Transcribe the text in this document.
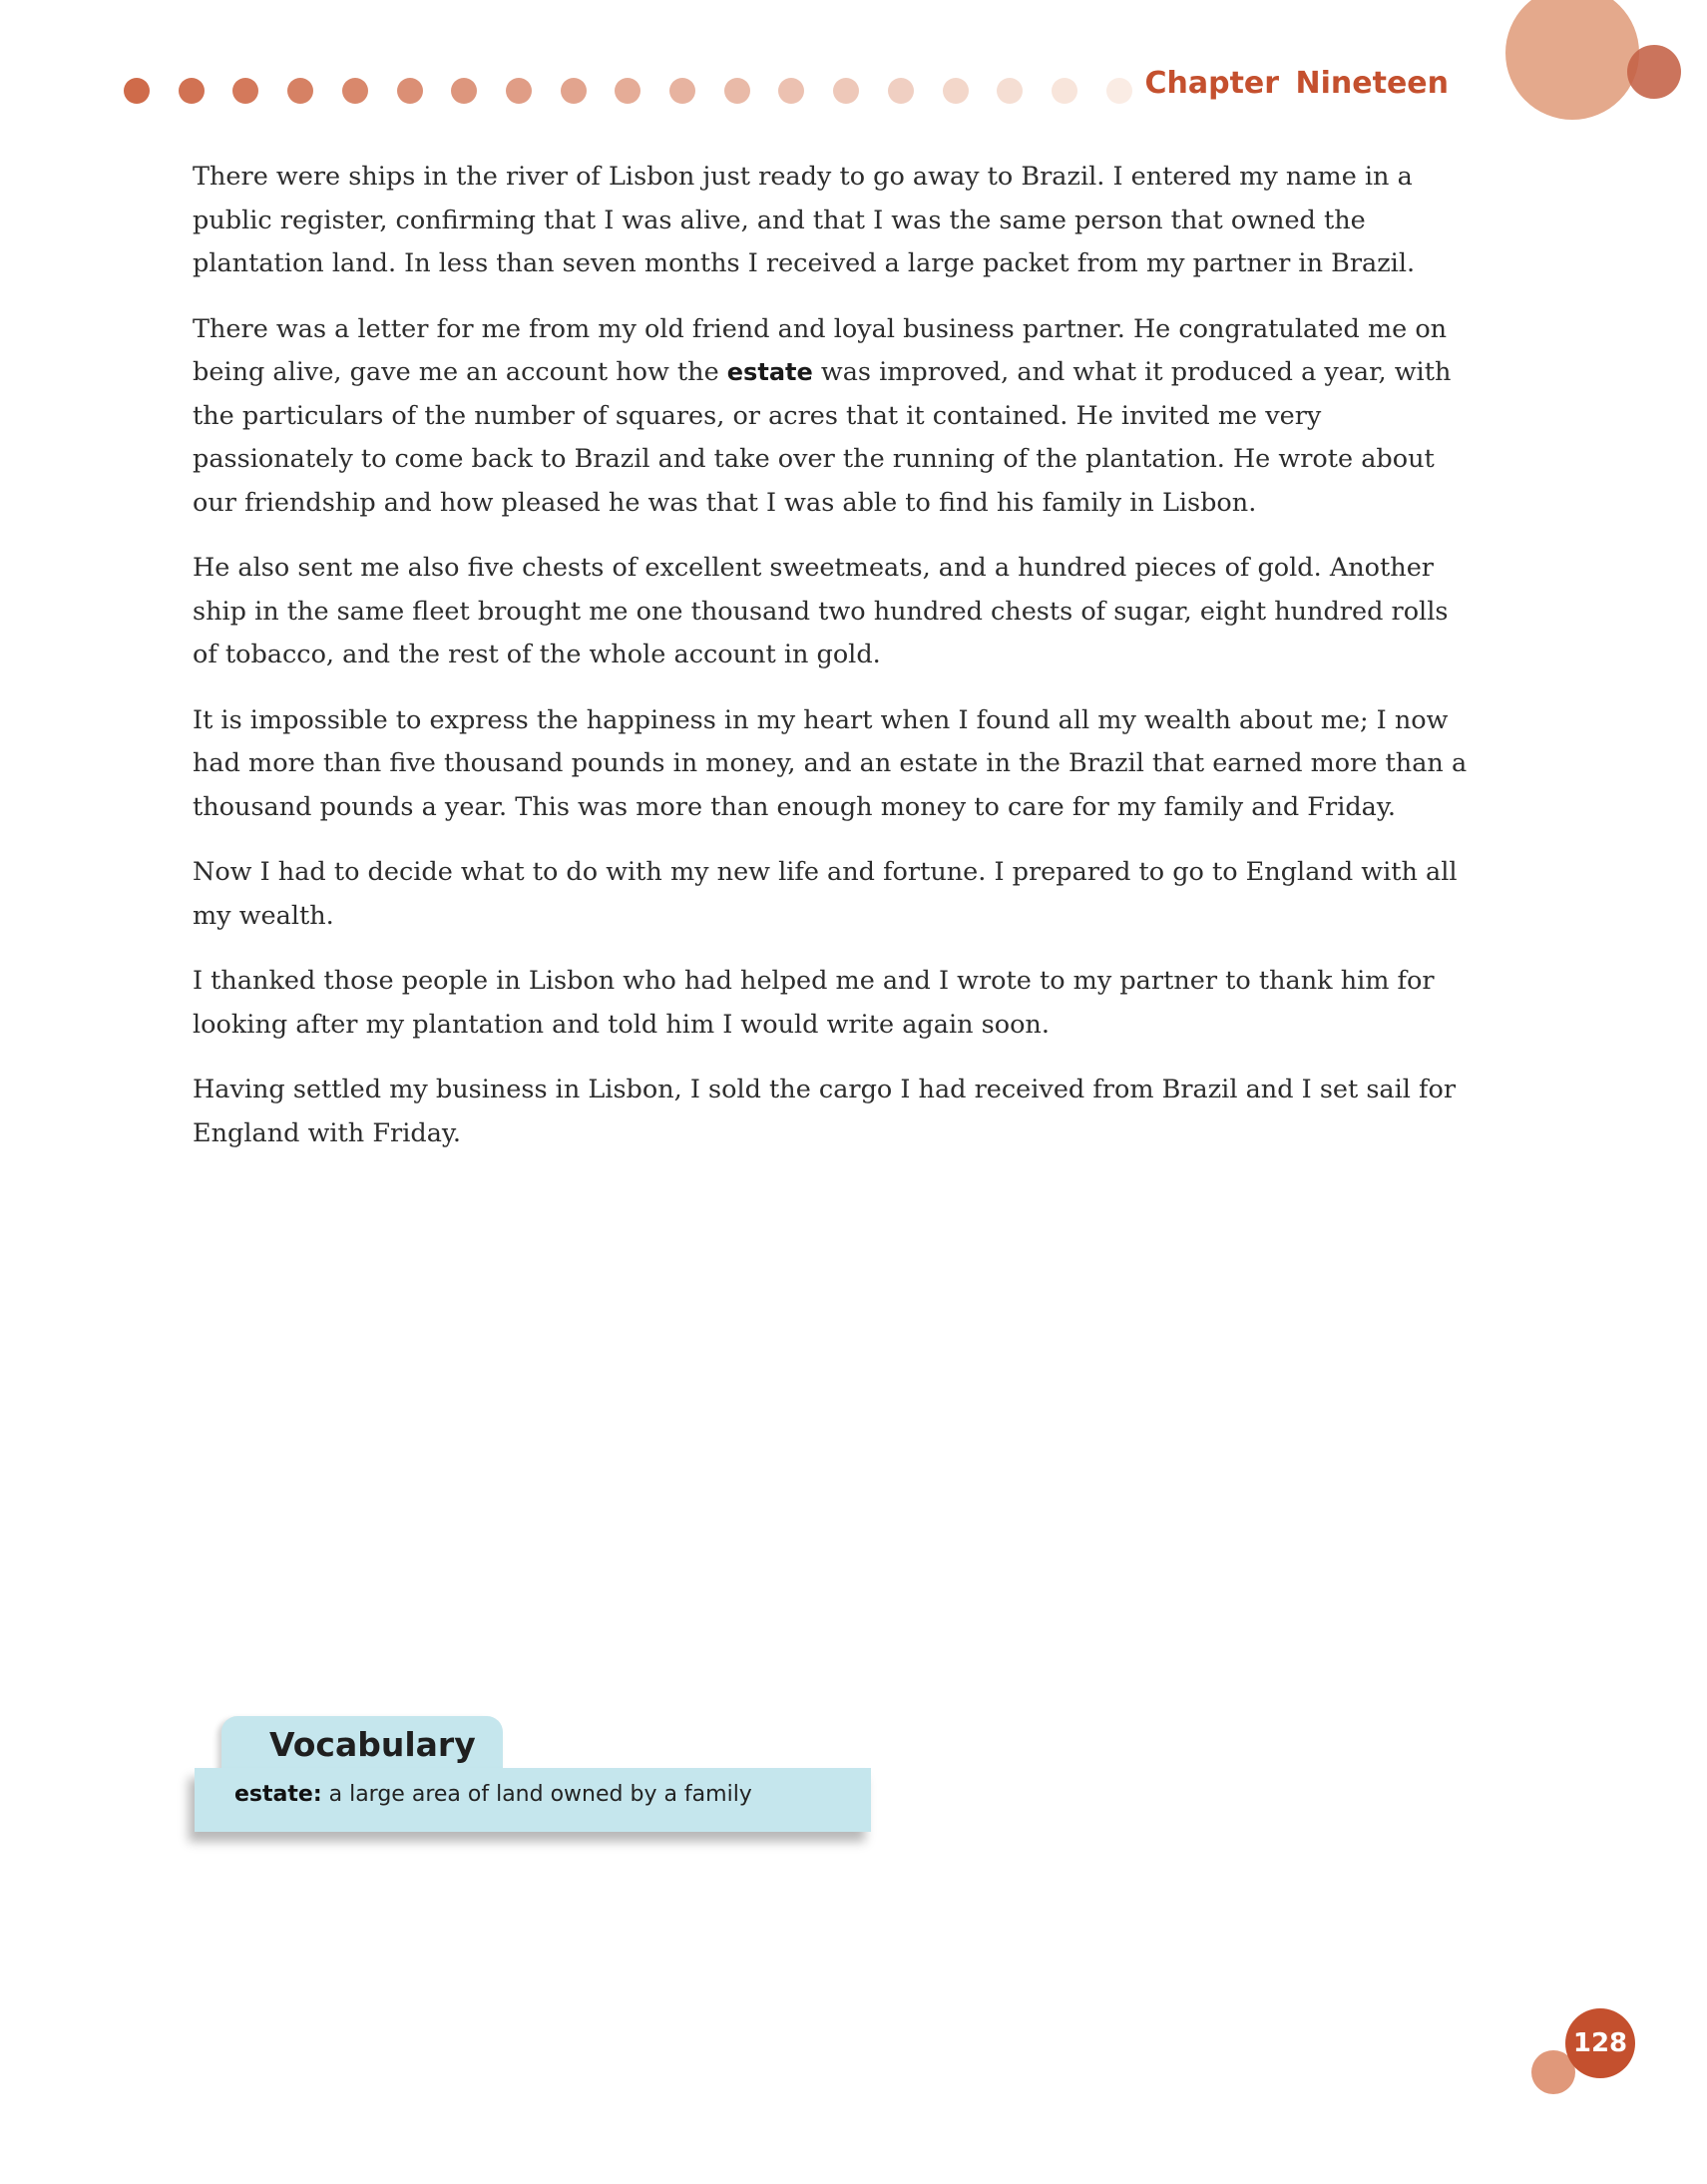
Chapter Nineteen

There were ships in the river of Lisbon just ready to go away to Brazil. I entered my name in a public register, confirming that I was alive, and that I was the same person that owned the plantation land. In less than seven months I received a large packet from my partner in Brazil.

There was a letter for me from my old friend and loyal business partner. He congratulated me on being alive, gave me an account how the estate was improved, and what it produced a year, with the particulars of the number of squares, or acres that it contained. He invited me very passionately to come back to Brazil and take over the running of the plantation. He wrote about our friendship and how pleased he was that I was able to find his family in Lisbon.

He also sent me also five chests of excellent sweetmeats, and a hundred pieces of gold. Another ship in the same fleet brought me one thousand two hundred chests of sugar, eight hundred rolls of tobacco, and the rest of the whole account in gold.

It is impossible to express the happiness in my heart when I found all my wealth about me; I now had more than five thousand pounds in money, and an estate in the Brazil that earned more than a thousand pounds a year. This was more than enough money to care for my family and Friday.

Now I had to decide what to do with my new life and fortune. I prepared to go to England with all my wealth.

I thanked those people in Lisbon who had helped me and I wrote to my partner to thank him for looking after my plantation and told him I would write again soon.

Having settled my business in Lisbon, I sold the cargo I had received from Brazil and I set sail for England with Friday.

Vocabulary
estate: a large area of land owned by a family
128
